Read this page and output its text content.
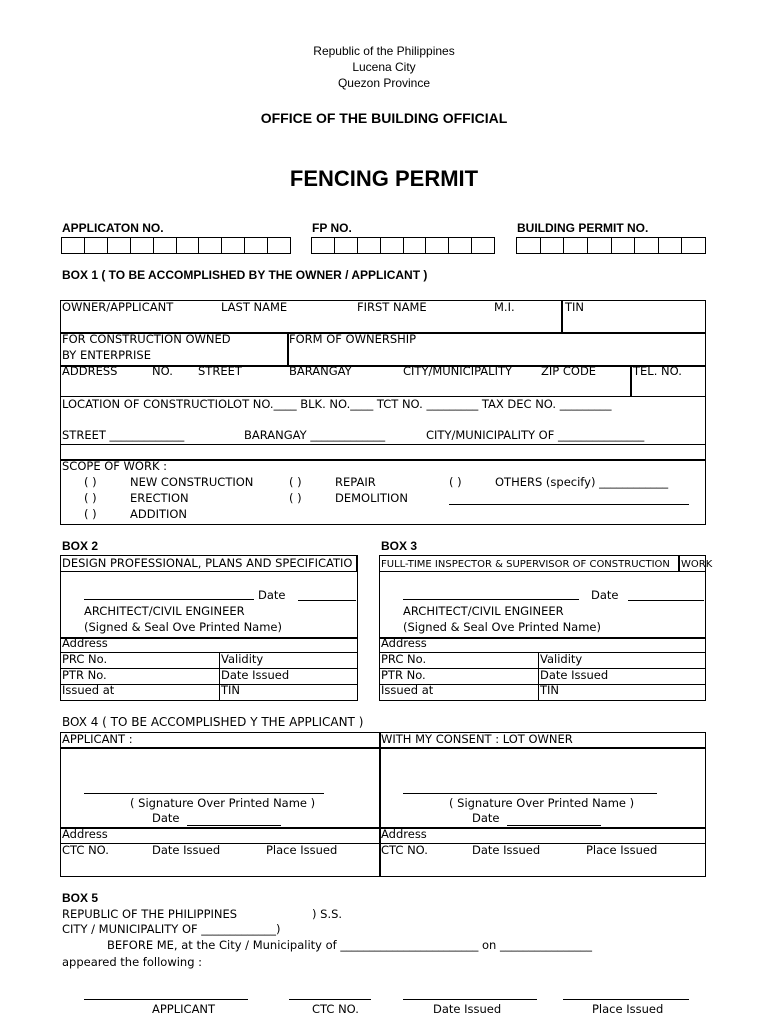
Republic of the Philippines
Lucena City
Quezon Province
OFFICE OF THE BUILDING OFFICIAL
FENCING PERMIT
APPLICATON NO.	FP NO.	BUILDING PERMIT NO.
BOX 1 ( TO BE ACCOMPLISHED BY THE OWNER / APPLICANT )
OWNER/APPLICANT	LAST NAME	FIRST NAME	M.I.	TIN
FOR CONSTRUCTION OWNED
BY ENTERPRISE
FORM OF OWNERSHIP
ADDRESS	NO. STREET	BARANGAY	CITY/MUNICIPALITY	ZIP CODE	TEL. NO.
LOCATION OF CONSTRUCTIOLOT NO.____ BLK. NO.____ TCT NO. _________ TAX DEC NO. _________
STREET _____________	BARANGAY _____________	CITY/MUNICIPALITY OF _______________
SCOPE OF WORK :
( )	NEW CONSTRUCTION	( )	REPAIR	( )	OTHERS (specify) ____________
( )	ERECTION	( )	DEMOLITION
( )	ADDITION
BOX 2
DESIGN PROFESSIONAL, PLANS AND SPECIFICATIO
Date
ARCHITECT/CIVIL ENGINEER
(Signed & Seal Ove Printed Name)
Address
PRC No.	Validity
PTR No.	Date Issued
Issued at	TIN
BOX 3
FULL-TIME INSPECTOR & SUPERVISOR OF CONSTRUCTION WORK
Date
ARCHITECT/CIVIL ENGINEER
(Signed & Seal Ove Printed Name)
Address
PRC No.	Validity
PTR No.	Date Issued
Issued at	TIN
BOX 4 ( TO BE ACCOMPLISHED Y THE APPLICANT )
APPLICANT :	WITH MY CONSENT : LOT OWNER
( Signature Over Printed Name )
Date
( Signature Over Printed Name )
Date
Address	Address
CTC NO.	Date Issued	Place Issued	CTC NO.	Date Issued	Place Issued
BOX 5
REPUBLIC OF THE PHILIPPINES	) S.S.
CITY / MUNICIPALITY OF _____________)
BEFORE ME, at the City / Municipality of ________________________ on ________________
appeared the following :
APPLICANT	CTC NO.	Date Issued	Place Issued
